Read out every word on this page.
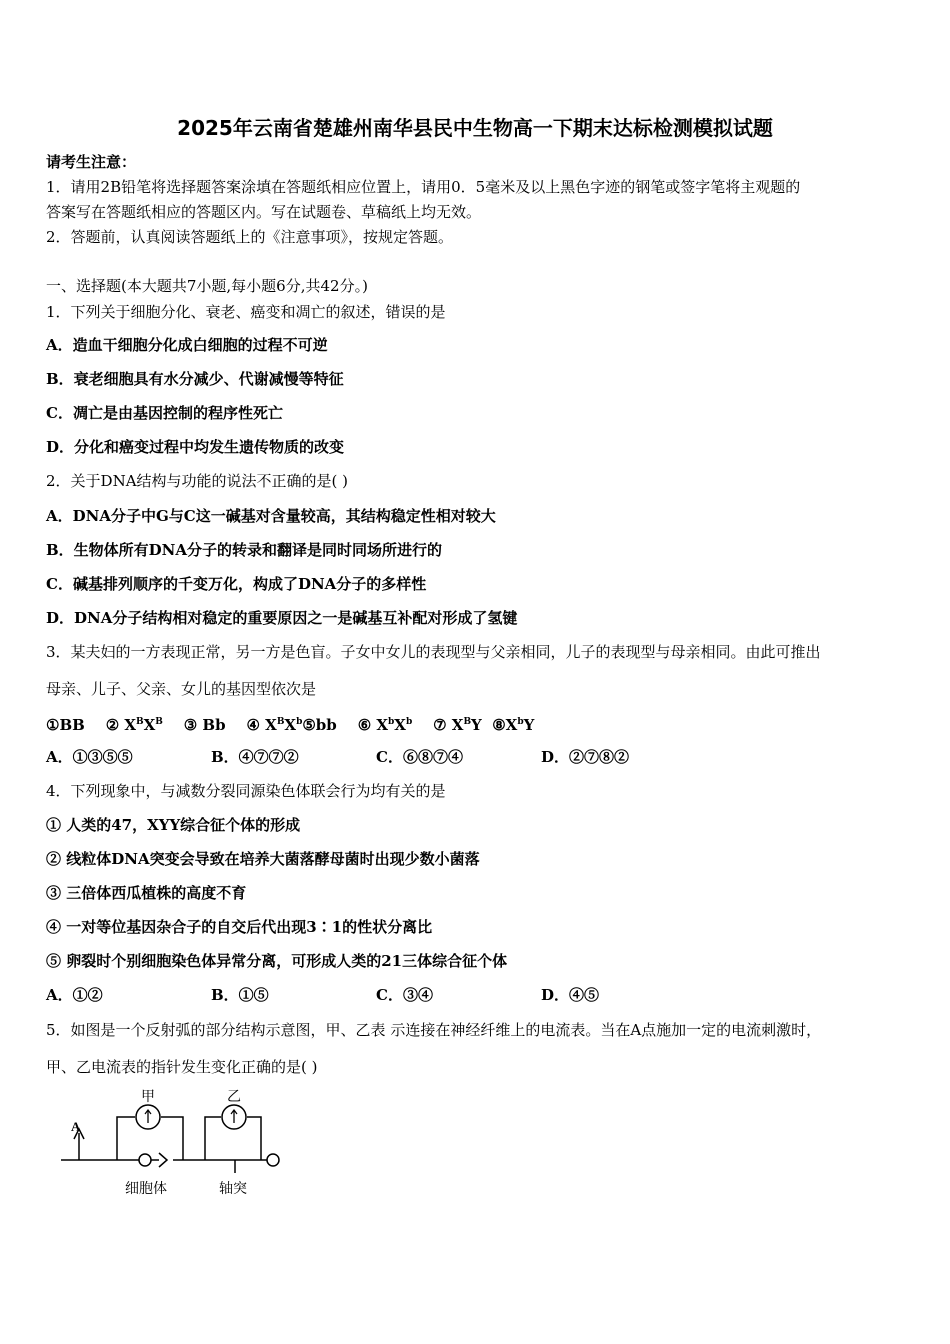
2025年云南省楚雄州南华县民中生物高一下期末达标检测模拟试题
请考生注意：
1．请用2B铅笔将选择题答案涂填在答题纸相应位置上，请用0．5毫米及以上黑色字迹的钢笔或签字笔将主观题的
答案写在答题纸相应的答题区内。写在试题卷、草稿纸上均无效。
2．答题前，认真阅读答题纸上的《注意事项》，按规定答题。
一、选择题(本大题共7小题,每小题6分,共42分。)
1．下列关于细胞分化、衰老、癌变和凋亡的叙述，错误的是
A．造血干细胞分化成白细胞的过程不可逆
B．衰老细胞具有水分减少、代谢减慢等特征
C．凋亡是由基因控制的程序性死亡
D．分化和癌变过程中均发生遗传物质的改变
2．关于DNA结构与功能的说法不正确的是( )
A．DNA分子中G与C这一碱基对含量较高，其结构稳定性相对较大
B．生物体所有DNA分子的转录和翻译是同时同场所进行的
C．碱基排列顺序的千变万化，构成了DNA分子的多样性
D．DNA分子结构相对稳定的重要原因之一是碱基互补配对形成了氢键
3．某夫妇的一方表现正常，另一方是色盲。子女中女儿的表现型与父亲相同，儿子的表现型与母亲相同。由此可推出
母亲、儿子、父亲、女儿的基因型依次是
①BB ② $X^BX^B$ ③ Bb ④ $X^BX^b⑤bb$ ⑥ $X^bX^b$ ⑦ $X^BY$ $⑧X^bY$
A．①③⑤⑤	B．④⑦⑦②	C．⑥⑧⑦④	D．②⑦⑧②
4．下列现象中，与减数分裂同源染色体联会行为均有关的是
① 人类的47，XYY综合征个体的形成
② 线粒体DNA突变会导致在培养大菌落酵母菌时出现少数小菌落
③ 三倍体西瓜植株的高度不育
④ 一对等位基因杂合子的自交后代出现3∶1的性状分离比
⑤ 卵裂时个别细胞染色体异常分离，可形成人类的21三体综合征个体
A．①②	B．①⑤	C．③④	D．④⑤
5．如图是一个反射弧的部分结构示意图，甲、乙表 示连接在神经纤维上的电流表。当在A点施加一定的电流刺激时，
甲、乙电流表的指针发生变化正确的是( )
A
甲	乙
细胞体	轴突
